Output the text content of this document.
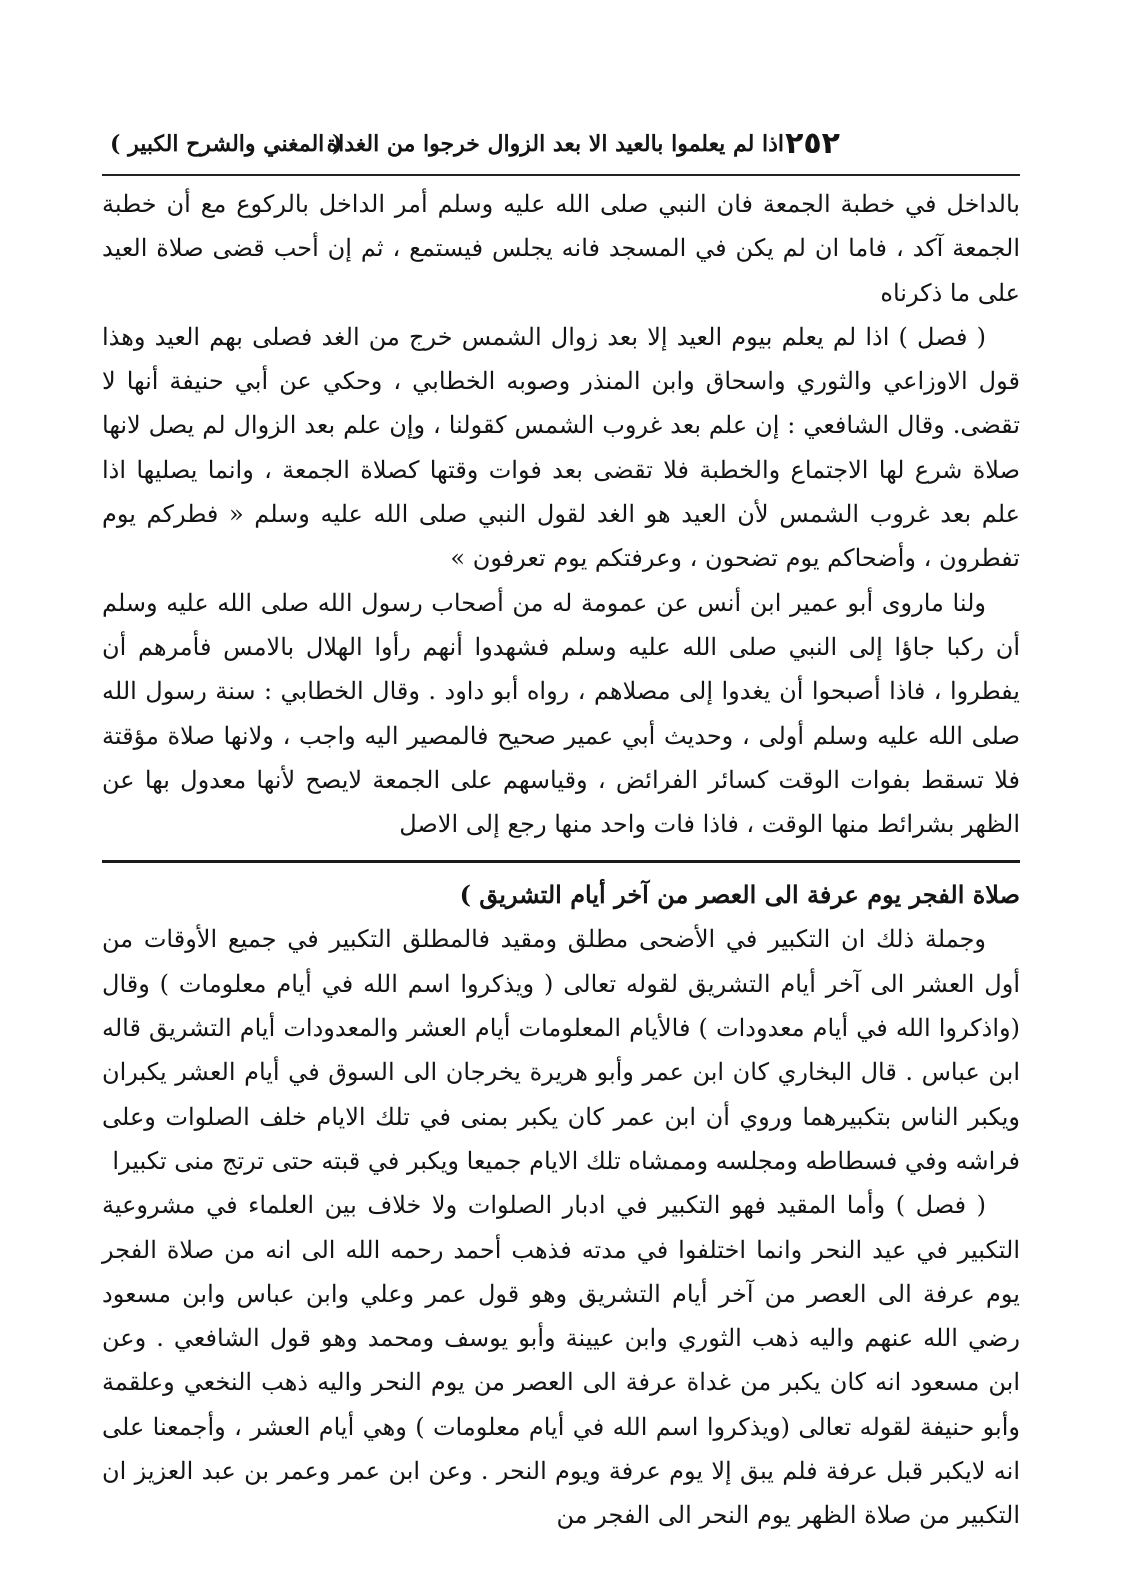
٢٥٢
اذا لم يعلموا بالعيد الا بعد الزوال خرجوا من الغداة
( المغني والشرح الكبير )

بالداخل في خطبة الجمعة فان النبي صلى الله عليه وسلم أمر الداخل بالركوع مع أن خطبة الجمعة آكد ، فاما ان لم يكن في المسجد فانه يجلس فيستمع ، ثم إن أحب قضى صلاة العيد على ما ذكرناه

( فصل ) اذا لم يعلم بيوم العيد إلا بعد زوال الشمس خرج من الغد فصلى بهم العيد وهذا قول الاوزاعي والثوري واسحاق وابن المنذر وصوبه الخطابي ، وحكي عن أبي حنيفة أنها لا تقضى. وقال الشافعي : إن علم بعد غروب الشمس كقولنا ، وإن علم بعد الزوال لم يصل لانها صلاة شرع لها الاجتماع والخطبة فلا تقضى بعد فوات وقتها كصلاة الجمعة ، وانما يصليها اذا علم بعد غروب الشمس لأن العيد هو الغد لقول النبي صلى الله عليه وسلم « فطركم يوم تفطرون ، وأضحاكم يوم تضحون ، وعرفتكم يوم تعرفون »

ولنا ماروى أبو عمير ابن أنس عن عمومة له من أصحاب رسول الله صلى الله عليه وسلم أن ركبا جاؤا إلى النبي صلى الله عليه وسلم فشهدوا أنهم رأوا الهلال بالامس فأمرهم أن يفطروا ، فاذا أصبحوا أن يغدوا إلى مصلاهم ، رواه أبو داود . وقال الخطابي : سنة رسول الله صلى الله عليه وسلم أولى ، وحديث أبي عمير صحيح فالمصير اليه واجب ، ولانها صلاة مؤقتة فلا تسقط بفوات الوقت كسائر الفرائض ، وقياسهم على الجمعة لايصح لأنها معدول بها عن الظهر بشرائط منها الوقت ، فاذا فات واحد منها رجع إلى الاصل

صلاة الفجر يوم عرفة الى العصر من آخر أيام التشريق )

وجملة ذلك ان التكبير في الأضحى مطلق ومقيد فالمطلق التكبير في جميع الأوقات من أول العشر الى آخر أيام التشريق لقوله تعالى ( ويذكروا اسم الله في أيام معلومات ) وقال (واذكروا الله في أيام معدودات ) فالأيام المعلومات أيام العشر والمعدودات أيام التشريق قاله ابن عباس . قال البخاري كان ابن عمر وأبو هريرة يخرجان الى السوق في أيام العشر يكبران ويكبر الناس بتكبيرهما وروي أن ابن عمر كان يكبر بمنى في تلك الايام خلف الصلوات وعلى فراشه وفي فسطاطه ومجلسه وممشاه تلك الايام جميعا ويكبر في قبته حتى ترتج منى تكبيرا

( فصل ) وأما المقيد فهو التكبير في ادبار الصلوات ولا خلاف بين العلماء في مشروعية التكبير في عيد النحر وانما اختلفوا في مدته فذهب أحمد رحمه الله الى انه من صلاة الفجر يوم عرفة الى العصر من آخر أيام التشريق وهو قول عمر وعلي وابن عباس وابن مسعود رضي الله عنهم واليه ذهب الثوري وابن عيينة وأبو يوسف ومحمد وهو قول الشافعي . وعن ابن مسعود انه كان يكبر من غداة عرفة الى العصر من يوم النحر واليه ذهب النخعي وعلقمة وأبو حنيفة لقوله تعالى (ويذكروا اسم الله في أيام معلومات ) وهي أيام العشر ، وأجمعنا على انه لايكبر قبل عرفة فلم يبق إلا يوم عرفة ويوم النحر . وعن ابن عمر وعمر بن عبد العزيز ان التكبير من صلاة الظهر يوم النحر الى الفجر من
